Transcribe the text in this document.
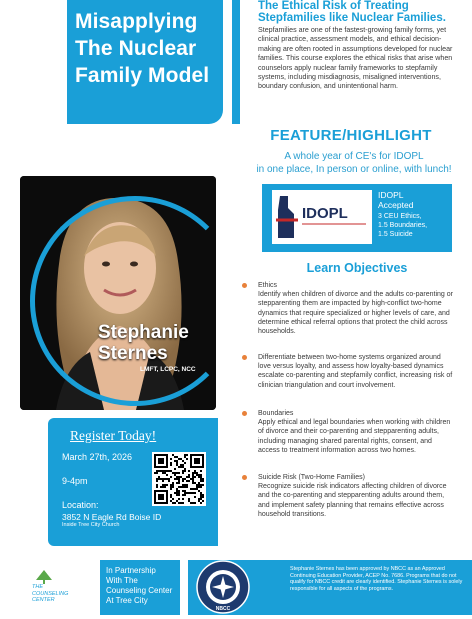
Misapplying
The Nuclear
Family Model
The Ethical Risk of Treating
Stepfamilies like Nuclear Families.
Stepfamilies are one of the fastest-growing family forms, yet clinical practice, assessment models, and ethical decision-making are often rooted in assumptions developed for nuclear families. This course explores the ethical risks that arise when counselors apply nuclear family frameworks to stepfamily systems, including misdiagnosis, misaligned interventions, boundary confusion, and unintentional harm.
FEATURE/HIGHLIGHT
A whole year of CE's for IDOPL
in one place, In person or online, with lunch!
Stephanie
Sternes
LMFT, LCPC, NCC
IDOPL
IDOPL
Accepted
3 CEU Ethics,
1.5 Boundaries,
1.5 Suicide
Learn Objectives
Ethics
Identify when children of divorce and the adults co-parenting or stepparenting them are impacted by high-conflict two-home dynamics that require specialized or higher levels of care, and determine ethical referral options that protect the child across households.
Differentiate between two-home systems organized around love versus loyalty, and assess how loyalty-based dynamics escalate co-parenting and stepfamily conflict, increasing risk of clinician triangulation and court involvement.
Boundaries
Apply ethical and legal boundaries when working with children of divorce and their co-parenting and stepparenting adults, including managing shared parental rights, consent, and access to treatment information across two homes.
Suicide Risk (Two-Home Families)
Recognize suicide risk indicators affecting children of divorce and the co-parenting and stepparenting adults around them, and implement safety planning that remains effective across household transitions.
Register Today!
March 27th, 2026
9-4pm
Location:
3852 N Eagle Rd Boise ID
Inside Tree City Church
THE
COUNSELING
CENTER
In Partnership
With The
Counseling Center
At Tree City
NBCC
Stephanie Sternes has been approved by NBCC as an Approved Continuing Education Provider, ACEP No. 7686. Programs that do not qualify for NBCC credit are clearly identified. Stephanie Sternes is solely responsible for all aspects of the programs.
